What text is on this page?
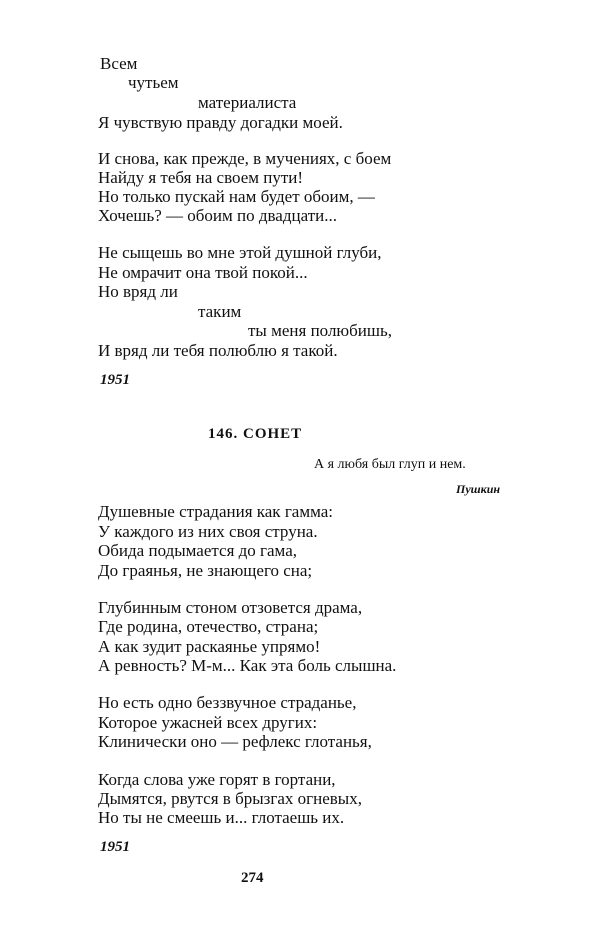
Всем
чутьем
материалиста
Я чувствую правду догадки моей.
И снова, как прежде, в мучениях, с боем
Найду я тебя на своем пути!
Но только пускай нам будет обоим, —
Хочешь? — обоим по двадцати...
Не сыщешь во мне этой душной глуби,
Не омрачит она твой покой...
Но вряд ли
таким
ты меня полюбишь,
И вряд ли тебя полюблю я такой.
1951
146. СОНЕТ
А я любя был глуп и нем.
Пушкин
Душевные страдания как гамма:
У каждого из них своя струна.
Обида подымается до гама,
До граянья, не знающего сна;
Глубинным стоном отзовется драма,
Где родина, отечество, страна;
А как зудит раскаянье упрямо!
А ревность? М-м... Как эта боль слышна.
Но есть одно беззвучное страданье,
Которое ужасней всех других:
Клинически оно — рефлекс глотанья,
Когда слова уже горят в гортани,
Дымятся, рвутся в брызгах огневых,
Но ты не смеешь и... глотаешь их.
1951
274
